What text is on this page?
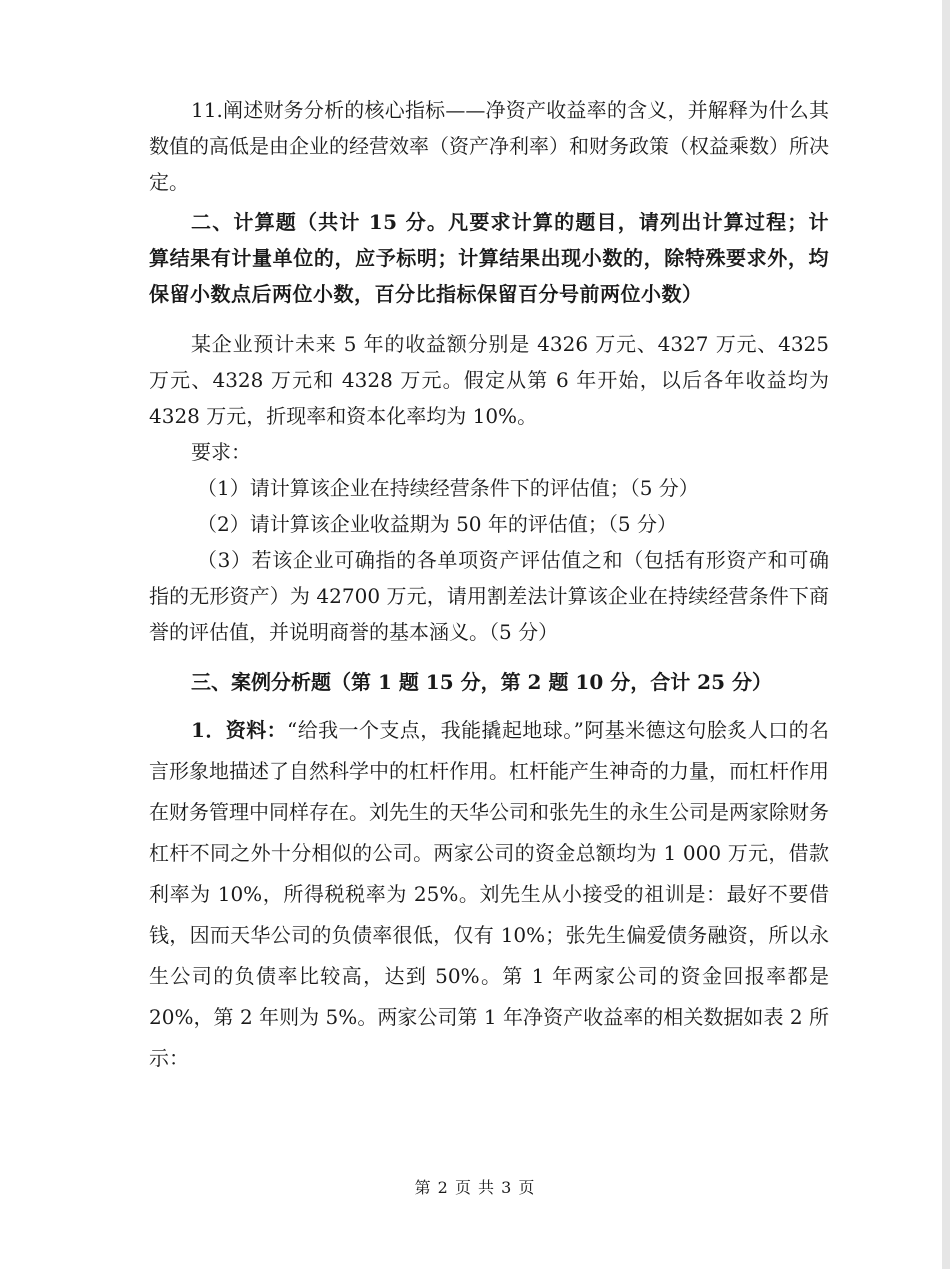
11.阐述财务分析的核心指标——净资产收益率的含义，并解释为什么其数值的高低是由企业的经营效率（资产净利率）和财务政策（权益乘数）所决定。

二、计算题（共计 15 分。凡要求计算的题目，请列出计算过程；计算结果有计量单位的，应予标明；计算结果出现小数的，除特殊要求外，均保留小数点后两位小数，百分比指标保留百分号前两位小数）

某企业预计未来 5 年的收益额分别是 4326 万元、4327 万元、4325 万元、4328 万元和 4328 万元。假定从第 6 年开始，以后各年收益均为 4328 万元，折现率和资本化率均为 10%。

要求：

（1）请计算该企业在持续经营条件下的评估值；（5 分）

（2）请计算该企业收益期为 50 年的评估值；（5 分）

（3）若该企业可确指的各单项资产评估值之和（包括有形资产和可确指的无形资产）为 42700 万元，请用割差法计算该企业在持续经营条件下商誉的评估值，并说明商誉的基本涵义。（5 分）

三、案例分析题（第 1 题 15 分，第 2 题 10 分，合计 25 分）

1．资料：“给我一个支点，我能撬起地球。”阿基米德这句脍炙人口的名言形象地描述了自然科学中的杠杆作用。杠杆能产生神奇的力量，而杠杆作用在财务管理中同样存在。刘先生的天华公司和张先生的永生公司是两家除财务杠杆不同之外十分相似的公司。两家公司的资金总额均为 1 000 万元，借款利率为 10%，所得税税率为 25%。刘先生从小接受的祖训是：最好不要借钱，因而天华公司的负债率很低，仅有 10%；张先生偏爱债务融资，所以永生公司的负债率比较高，达到 50%。第 1 年两家公司的资金回报率都是 20%，第 2 年则为 5%。两家公司第 1 年净资产收益率的相关数据如表 2 所示：

第 2 页 共 3 页
